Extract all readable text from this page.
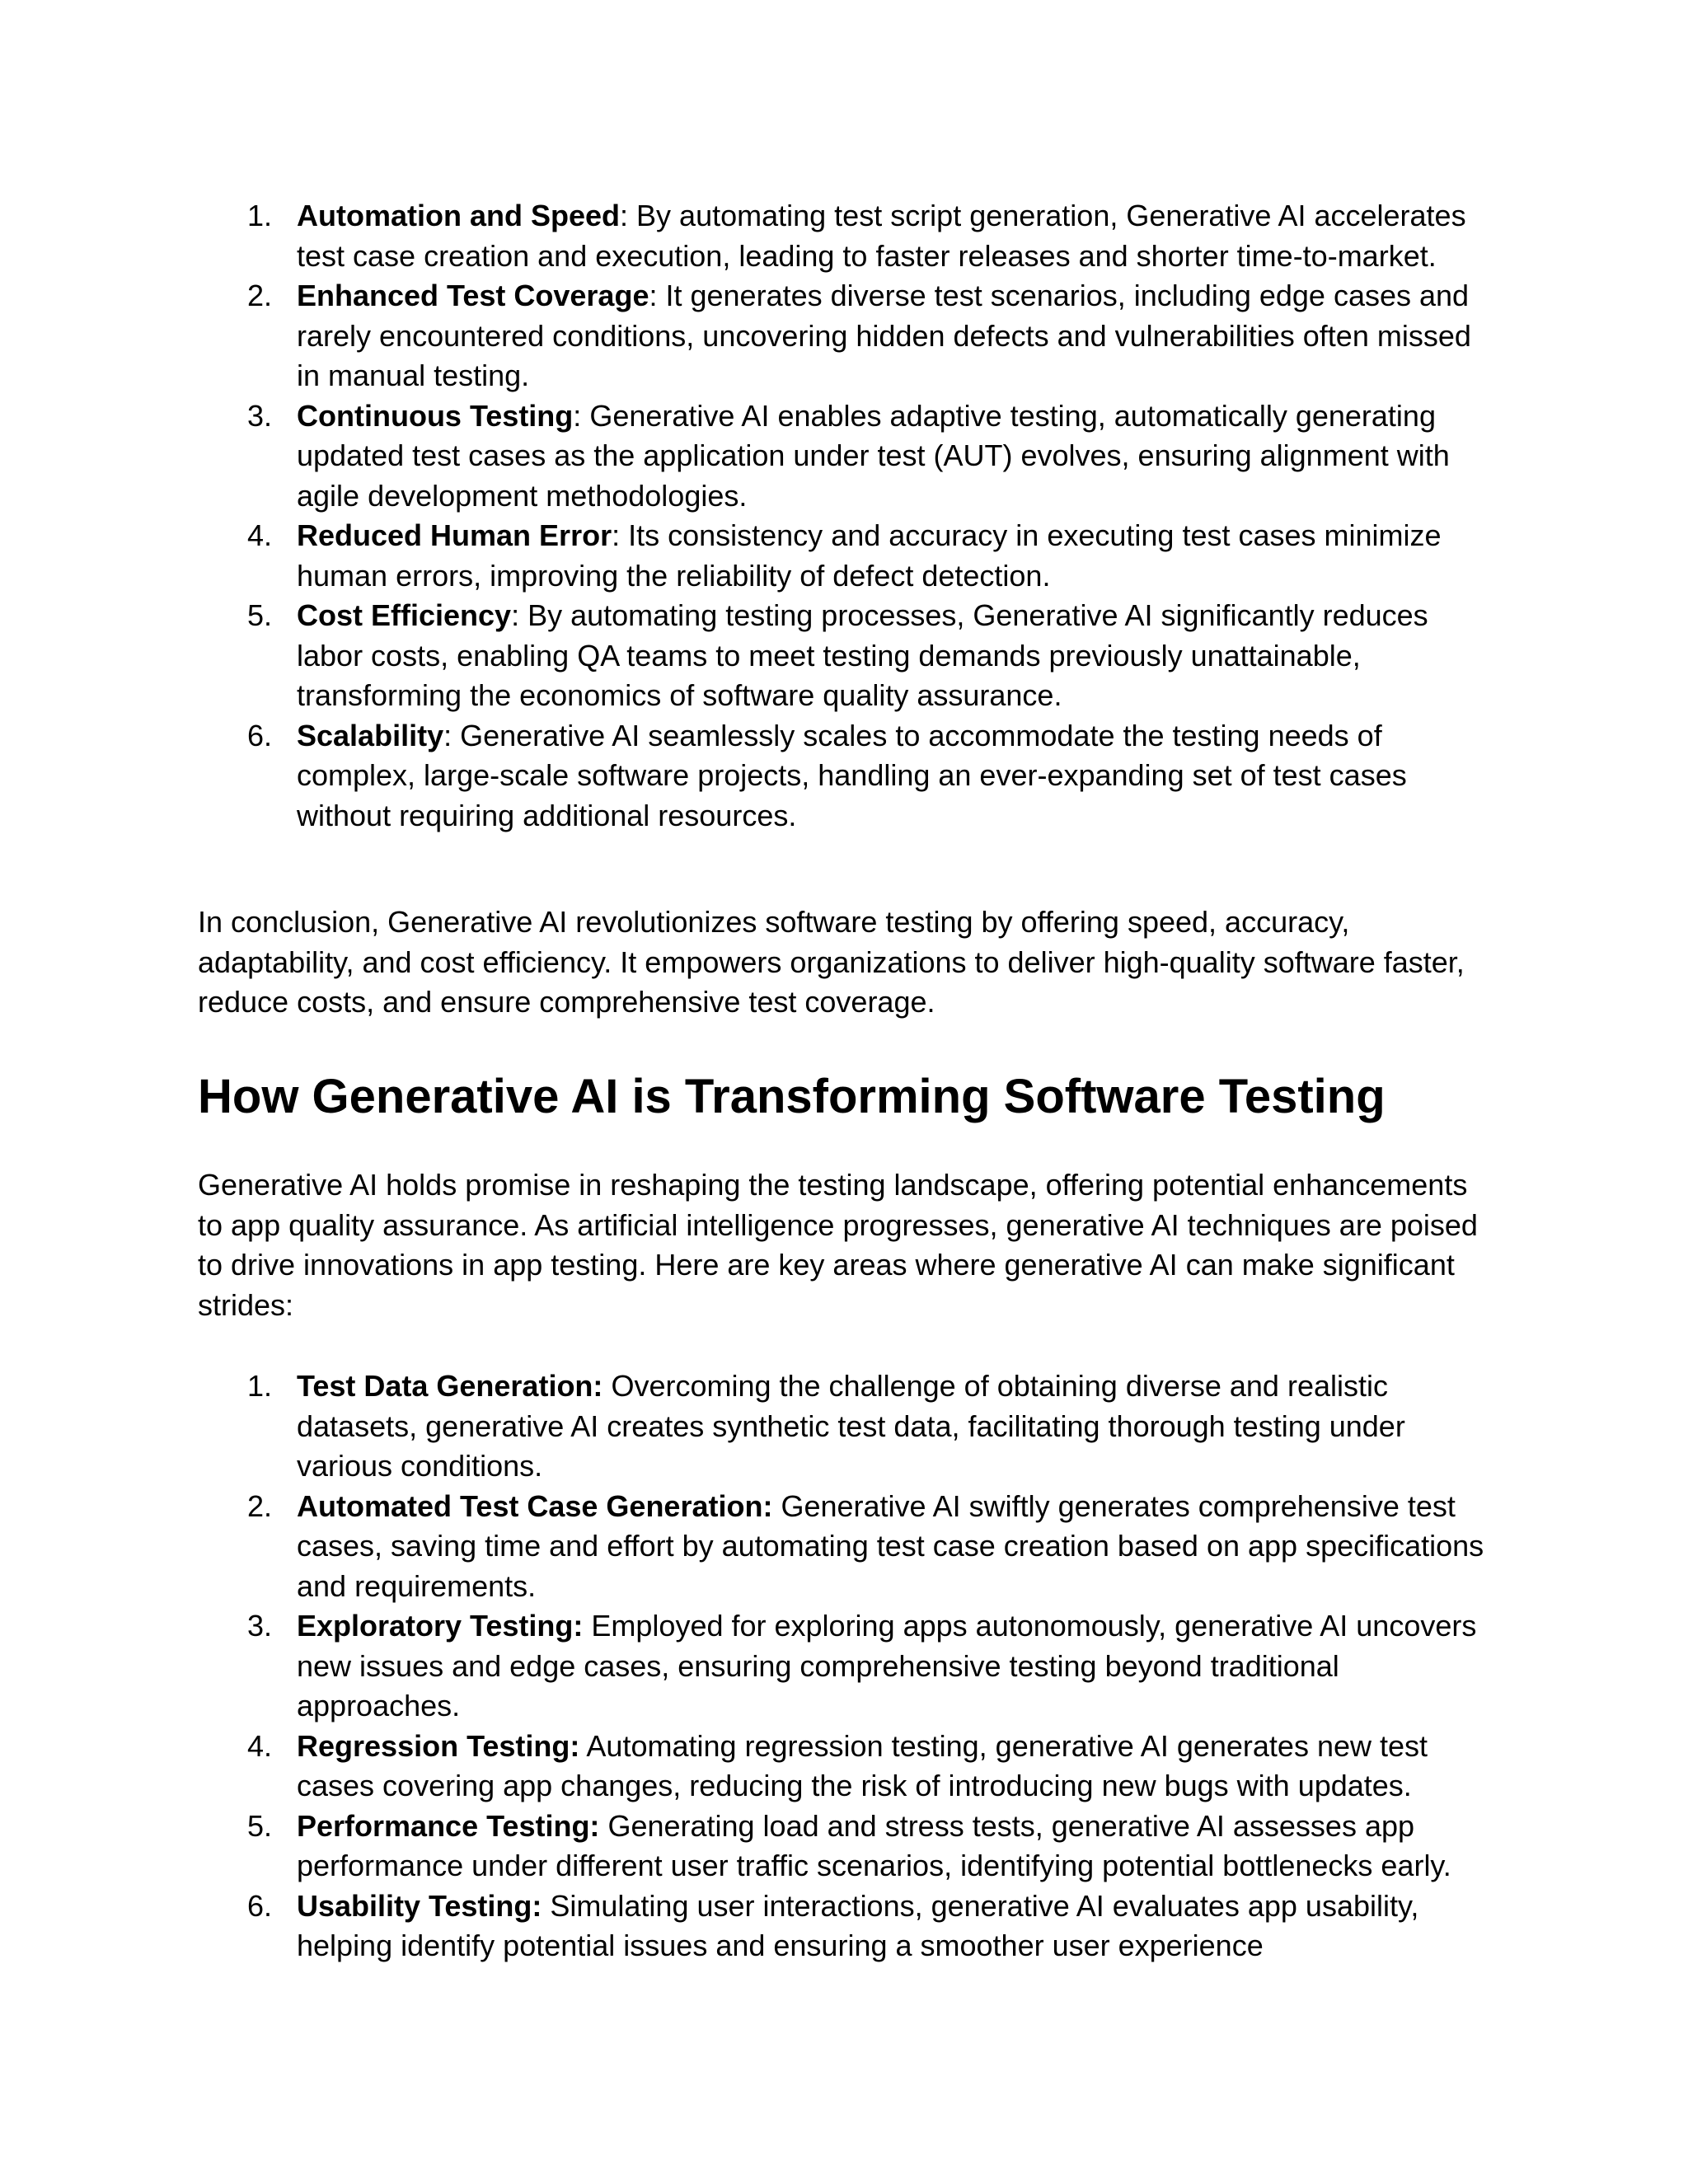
1. Automation and Speed: By automating test script generation, Generative AI accelerates test case creation and execution, leading to faster releases and shorter time-to-market.
2. Enhanced Test Coverage: It generates diverse test scenarios, including edge cases and rarely encountered conditions, uncovering hidden defects and vulnerabilities often missed in manual testing.
3. Continuous Testing: Generative AI enables adaptive testing, automatically generating updated test cases as the application under test (AUT) evolves, ensuring alignment with agile development methodologies.
4. Reduced Human Error: Its consistency and accuracy in executing test cases minimize human errors, improving the reliability of defect detection.
5. Cost Efficiency: By automating testing processes, Generative AI significantly reduces labor costs, enabling QA teams to meet testing demands previously unattainable, transforming the economics of software quality assurance.
6. Scalability: Generative AI seamlessly scales to accommodate the testing needs of complex, large-scale software projects, handling an ever-expanding set of test cases without requiring additional resources.

In conclusion, Generative AI revolutionizes software testing by offering speed, accuracy, adaptability, and cost efficiency. It empowers organizations to deliver high-quality software faster, reduce costs, and ensure comprehensive test coverage.

How Generative AI is Transforming Software Testing

Generative AI holds promise in reshaping the testing landscape, offering potential enhancements to app quality assurance. As artificial intelligence progresses, generative AI techniques are poised to drive innovations in app testing. Here are key areas where generative AI can make significant strides:

1. Test Data Generation: Overcoming the challenge of obtaining diverse and realistic datasets, generative AI creates synthetic test data, facilitating thorough testing under various conditions.
2. Automated Test Case Generation: Generative AI swiftly generates comprehensive test cases, saving time and effort by automating test case creation based on app specifications and requirements.
3. Exploratory Testing: Employed for exploring apps autonomously, generative AI uncovers new issues and edge cases, ensuring comprehensive testing beyond traditional approaches.
4. Regression Testing: Automating regression testing, generative AI generates new test cases covering app changes, reducing the risk of introducing new bugs with updates.
5. Performance Testing: Generating load and stress tests, generative AI assesses app performance under different user traffic scenarios, identifying potential bottlenecks early.
6. Usability Testing: Simulating user interactions, generative AI evaluates app usability, helping identify potential issues and ensuring a smoother user experience
